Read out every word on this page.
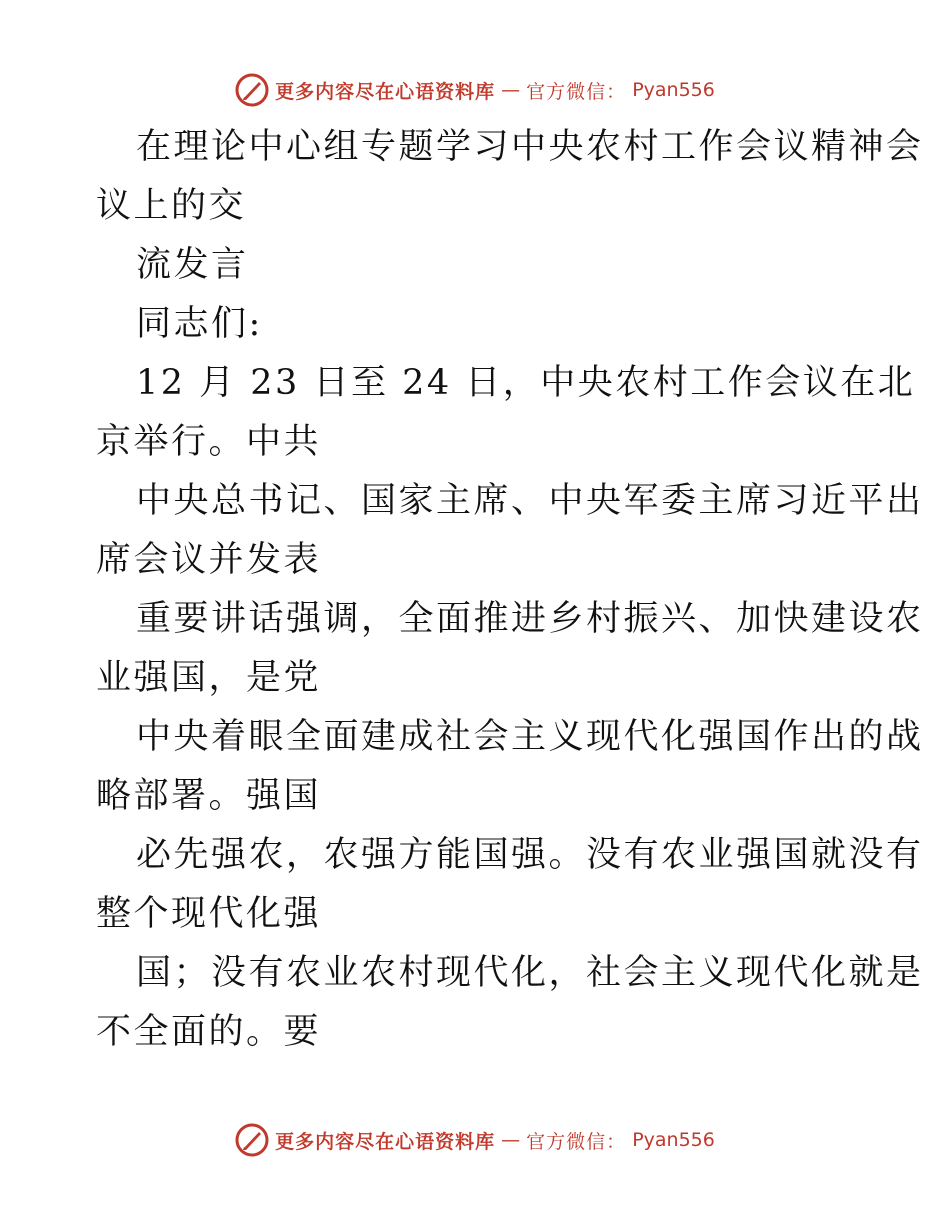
更多内容尽在心语资料库 — 官方微信： Pyan556
在理论中心组专题学习中央农村工作会议精神会
议上的交
流发言
同志们:
12 月 23 日至 24 日，中央农村工作会议在北
京举行。中共
中央总书记、国家主席、中央军委主席习近平出
席会议并发表
重要讲话强调，全面推进乡村振兴、加快建设农
业强国，是党
中央着眼全面建成社会主义现代化强国作出的战
略部署。强国
必先强农，农强方能国强。没有农业强国就没有
整个现代化强
国；没有农业农村现代化，社会主义现代化就是
不全面的。要
更多内容尽在心语资料库 — 官方微信： Pyan556
